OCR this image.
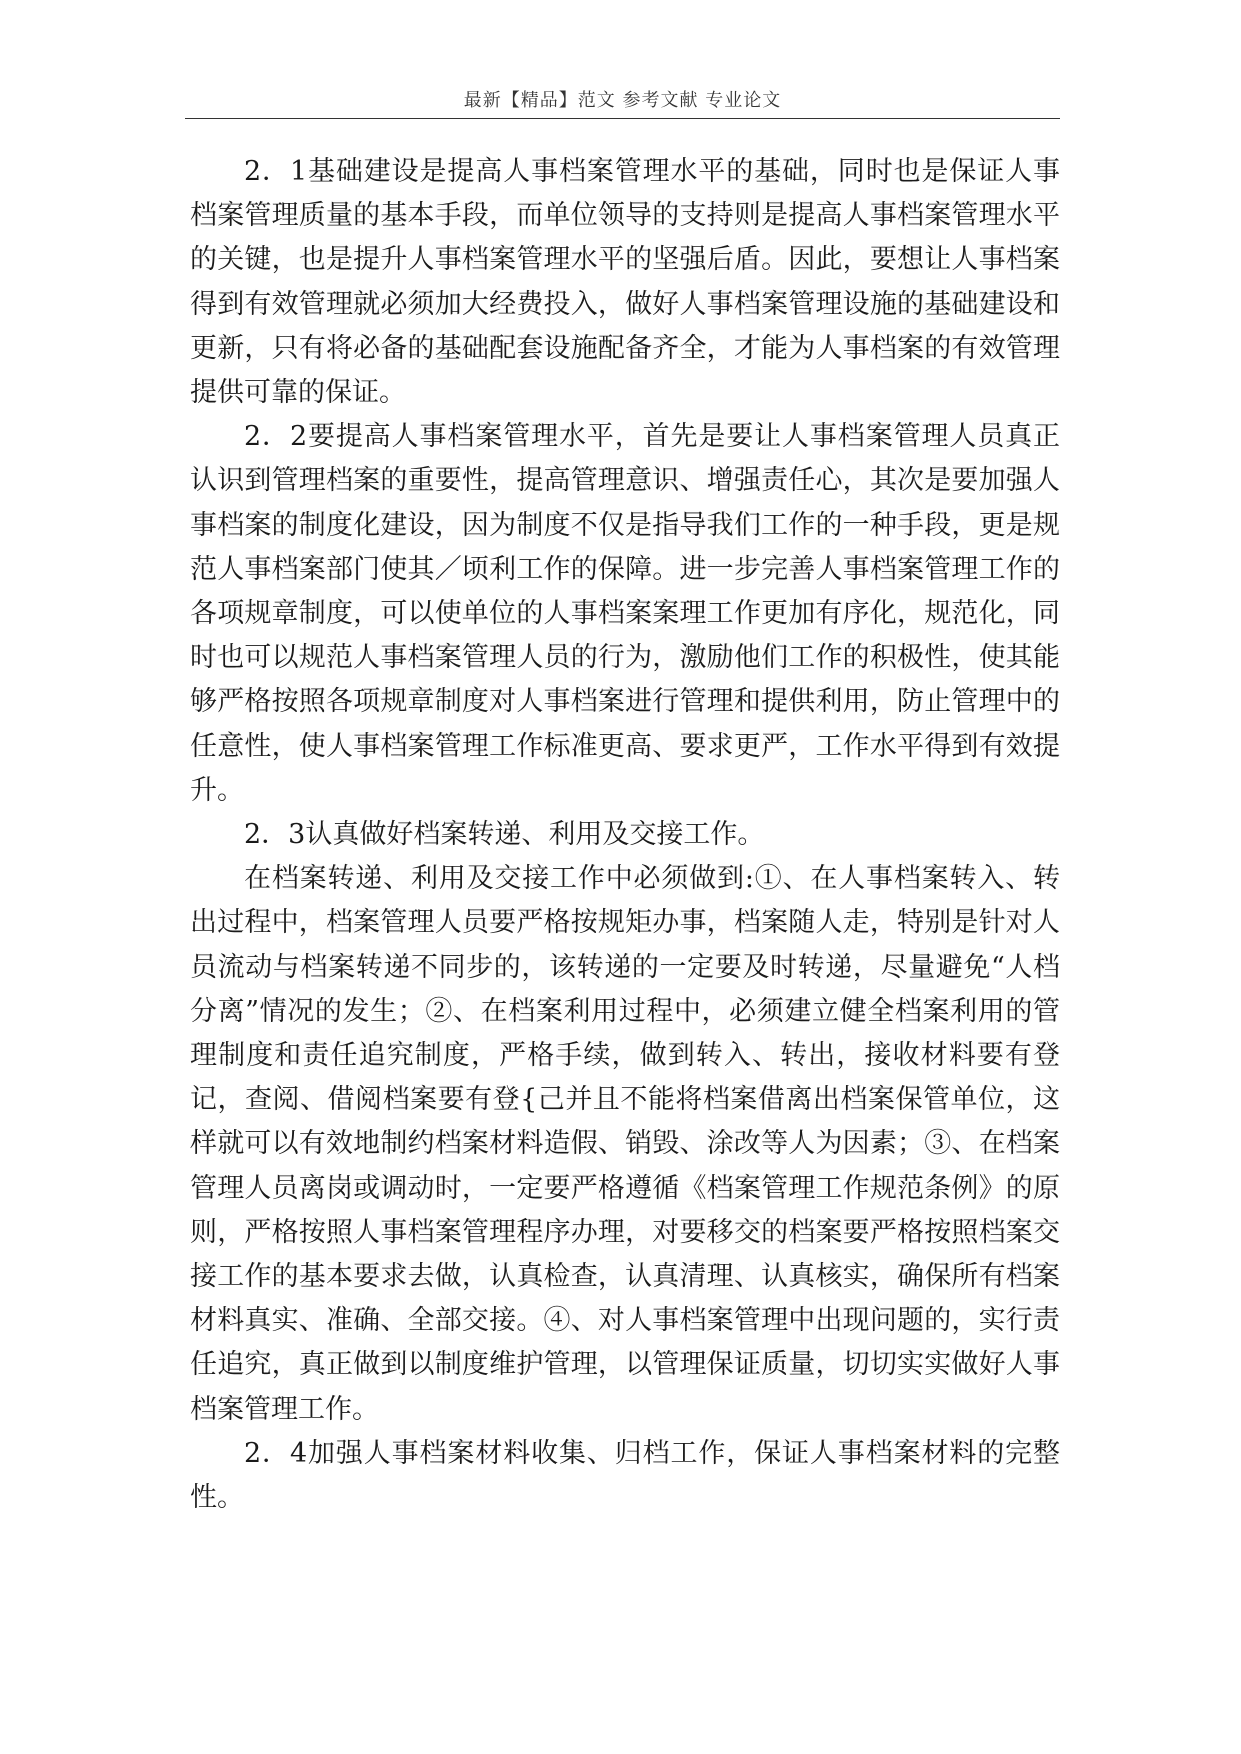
最新【精品】范文 参考文献 专业论文

2．1基础建设是提高人事档案管理水平的基础，同时也是保证人事档案管理质量的基本手段，而单位领导的支持则是提高人事档案管理水平的关键，也是提升人事档案管理水平的坚强后盾。因此，要想让人事档案得到有效管理就必须加大经费投入，做好人事档案管理设施的基础建设和更新，只有将必备的基础配套设施配备齐全，才能为人事档案的有效管理提供可靠的保证。

2．2要提高人事档案管理水平，首先是要让人事档案管理人员真正认识到管理档案的重要性，提高管理意识、增强责任心，其次是要加强人事档案的制度化建设，因为制度不仅是指导我们工作的一种手段，更是规范人事档案部门使其／顷利工作的保障。进一步完善人事档案管理工作的各项规章制度，可以使单位的人事档案案理工作更加有序化，规范化，同时也可以规范人事档案管理人员的行为，激励他们工作的积极性，使其能够严格按照各项规章制度对人事档案进行管理和提供利用，防止管理中的任意性，使人事档案管理工作标准更高、要求更严，工作水平得到有效提升。

2．3认真做好档案转递、利用及交接工作。

在档案转递、利用及交接工作中必须做到:①、在人事档案转入、转出过程中，档案管理人员要严格按规矩办事，档案随人走，特别是针对人员流动与档案转递不同步的，该转递的一定要及时转递，尽量避免“人档分离”情况的发生；②、在档案利用过程中，必须建立健全档案利用的管理制度和责任追究制度，严格手续，做到转入、转出，接收材料要有登记，查阅、借阅档案要有登{己并且不能将档案借离出档案保管单位，这样就可以有效地制约档案材料造假、销毁、涂改等人为因素；③、在档案管理人员离岗或调动时，一定要严格遵循《档案管理工作规范条例》的原则，严格按照人事档案管理程序办理，对要移交的档案要严格按照档案交接工作的基本要求去做，认真检查，认真清理、认真核实，确保所有档案材料真实、准确、全部交接。④、对人事档案管理中出现问题的，实行责任追究，真正做到以制度维护管理，以管理保证质量，切切实实做好人事档案管理工作。

2．4加强人事档案材料收集、归档工作，保证人事档案材料的完整性。
